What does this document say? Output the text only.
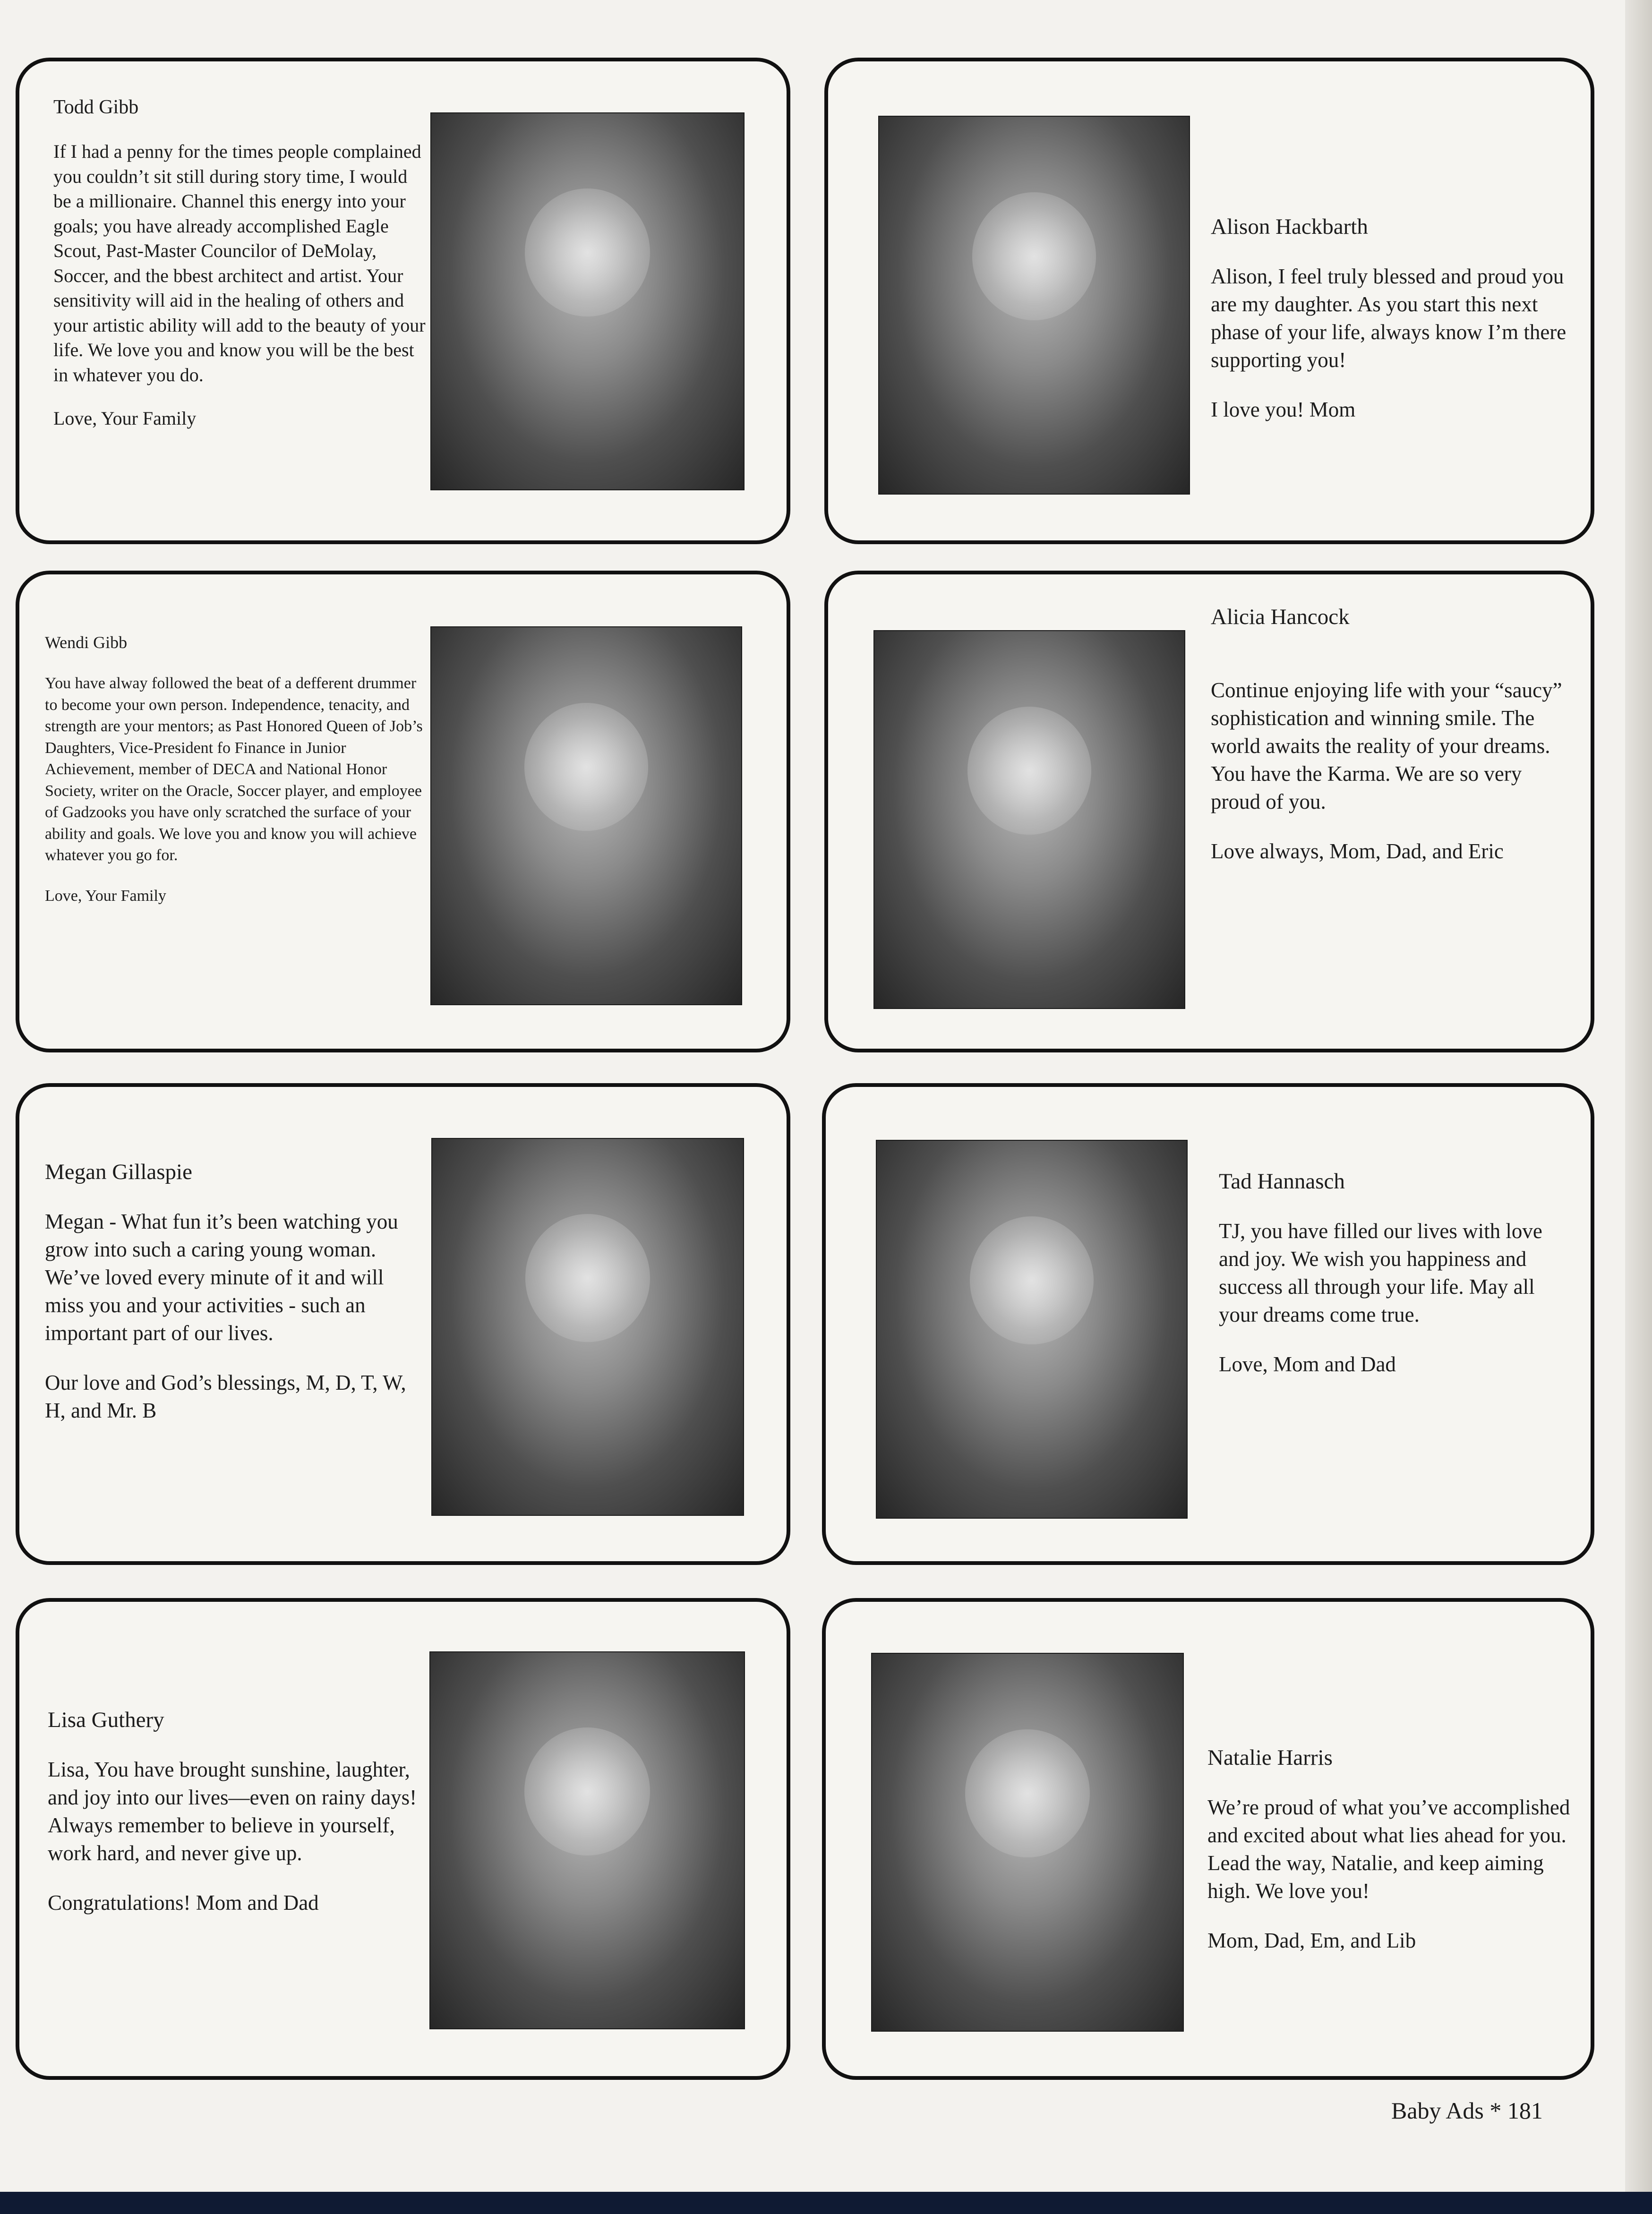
Todd Gibb
If I had a penny for the times people complained you couldn’t sit still during story time, I would be a millionaire. Channel this energy into your goals; you have already accomplished Eagle Scout, Past-Master Councilor of DeMolay, Soccer, and the bbest architect and artist. Your sensitivity will aid in the healing of others and your artistic ability will add to the beauty of your life. We love you and know you will be the best in whatever you do.
Love, Your Family
Alison Hackbarth
Alison, I feel truly blessed and proud you are my daughter. As you start this next phase of your life, always know I’m there supporting you!
I love you! Mom
Wendi Gibb
You have alway followed the beat of a defferent drummer to become your own person. Independence, tenacity, and strength are your mentors; as Past Honored Queen of Job’s Daughters, Vice-President fo Finance in Junior Achievement, member of DECA and National Honor Society, writer on the Oracle, Soccer player, and employee of Gadzooks you have only scratched the surface of your ability and goals. We love you and know you will achieve whatever you go for.
Love, Your Family
Alicia Hancock
Continue enjoying life with your “saucy” sophistication and winning smile. The world awaits the reality of your dreams. You have the Karma. We are so very proud of you.
Love always, Mom, Dad, and Eric
Megan Gillaspie
Megan - What fun it’s been watching you grow into such a caring young woman. We’ve loved every minute of it and will miss you and your activities - such an important part of our lives.
Our love and God’s blessings, M, D, T, W, H, and Mr. B
Tad Hannasch
TJ, you have filled our lives with love and joy. We wish you happiness and success all through your life. May all your dreams come true.
Love, Mom and Dad
Lisa Guthery
Lisa, You have brought sunshine, laughter, and joy into our lives—even on rainy days! Always remember to believe in yourself, work hard, and never give up.
Congratulations! Mom and Dad
Natalie Harris
We’re proud of what you’ve accomplished and excited about what lies ahead for you. Lead the way, Natalie, and keep aiming high. We love you!
Mom, Dad, Em, and Lib
Baby Ads * 181
